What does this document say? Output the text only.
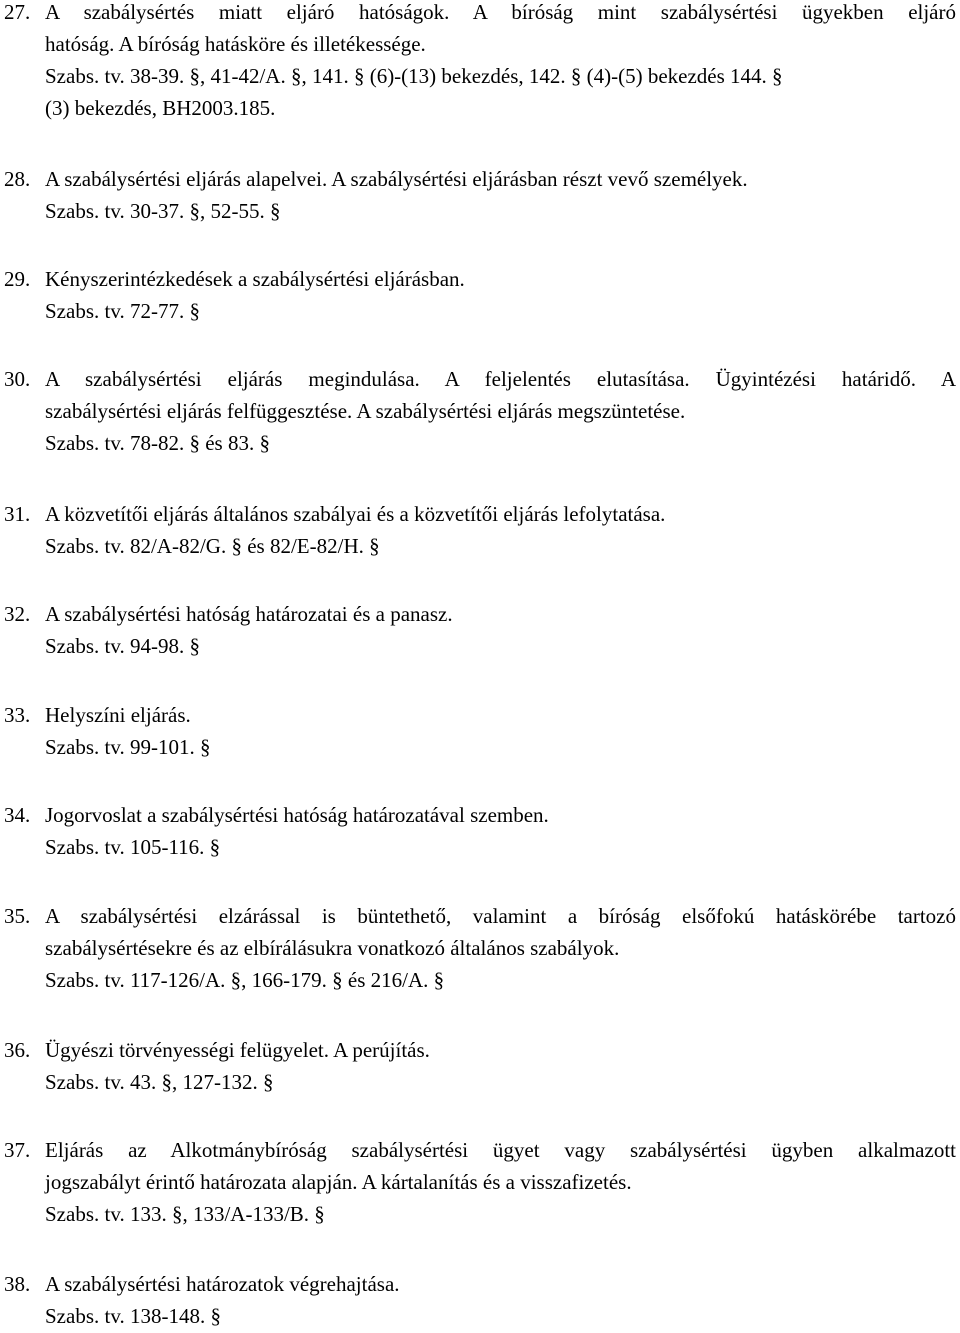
27. A szabálysértés miatt eljáró hatóságok. A bíróság mint szabálysértési ügyekben eljáró

hatóság. A bíróság hatásköre és illetékessége.

Szabs. tv. 38-39. §, 41-42/A. §, 141. § (6)-(13) bekezdés, 142. § (4)-(5) bekezdés 144. §

(3) bekezdés, BH2003.185.

28. A szabálysértési eljárás alapelvei. A szabálysértési eljárásban részt vevő személyek.

Szabs. tv. 30-37. §, 52-55. §

29. Kényszerintézkedések a szabálysértési eljárásban.

Szabs. tv. 72-77. §

30. A szabálysértési eljárás megindulása. A feljelentés elutasítása. Ügyintézési határidő. A

szabálysértési eljárás felfüggesztése. A szabálysértési eljárás megszüntetése.

Szabs. tv. 78-82. § és 83. §

31. A közvetítői eljárás általános szabályai és a közvetítői eljárás lefolytatása.

Szabs. tv. 82/A-82/G. § és 82/E-82/H. §

32. A szabálysértési hatóság határozatai és a panasz.

Szabs. tv. 94-98. §

33. Helyszíni eljárás.

Szabs. tv. 99-101. §

34. Jogorvoslat a szabálysértési hatóság határozatával szemben.

Szabs. tv. 105-116. §

35. A szabálysértési elzárással is büntethető, valamint a bíróság elsőfokú hatáskörébe tartozó

szabálysértésekre és az elbírálásukra vonatkozó általános szabályok.

Szabs. tv. 117-126/A. §, 166-179. § és 216/A. §

36. Ügyészi törvényességi felügyelet. A perújítás.

Szabs. tv. 43. §, 127-132. §

37. Eljárás az Alkotmánybíróság szabálysértési ügyet vagy szabálysértési ügyben alkalmazott

jogszabályt érintő határozata alapján. A kártalanítás és a visszafizetés.

Szabs. tv. 133. §, 133/A-133/B. §

38. A szabálysértési határozatok végrehajtása.

Szabs. tv. 138-148. §
